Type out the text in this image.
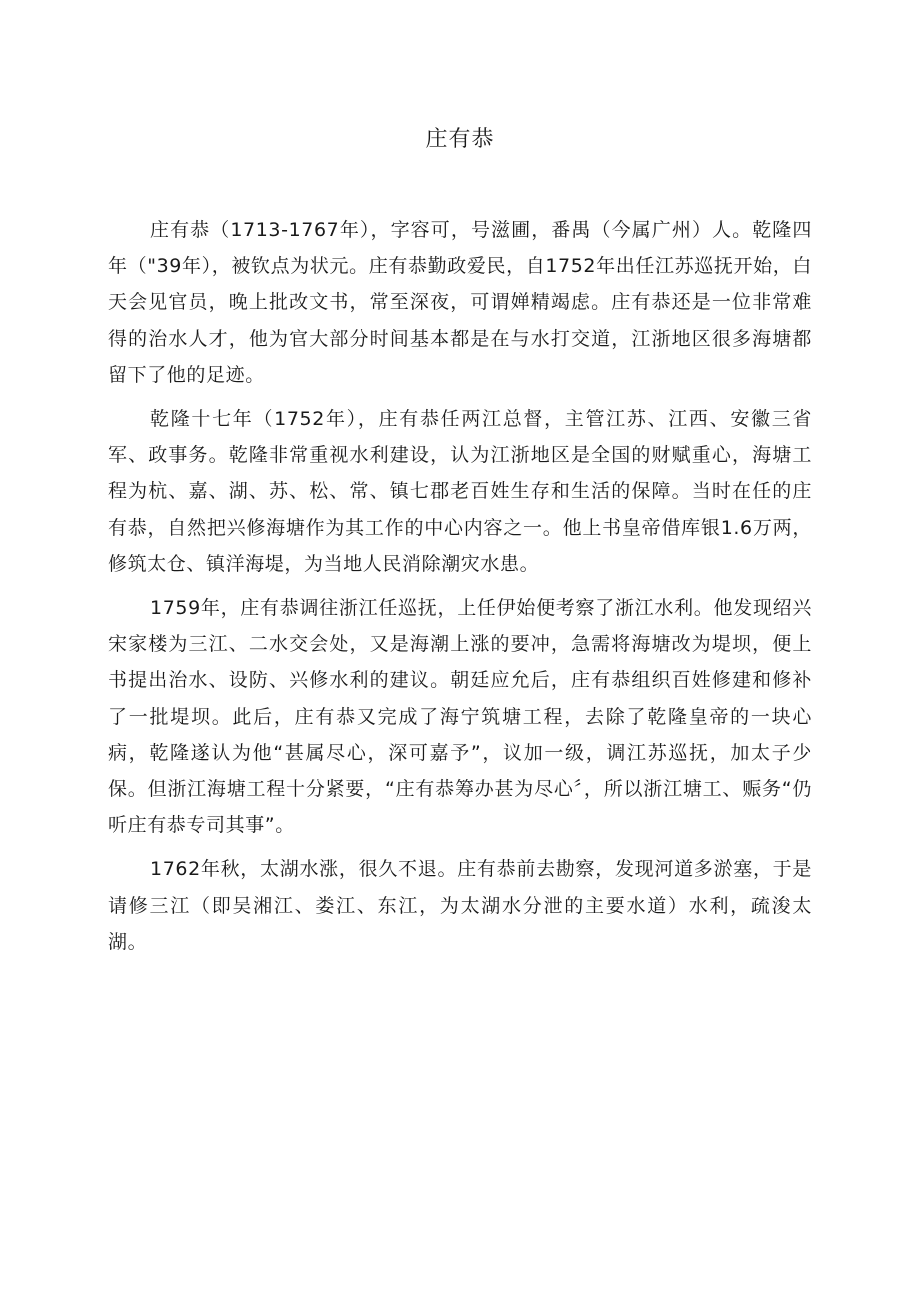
庄有恭

庄有恭（1713-1767年），字容可，号滋圃，番禺（今属广州）人。乾隆四年（"39年），被钦点为状元。庄有恭勤政爱民，自1752年出任江苏巡抚开始，白天会见官员，晚上批改文书，常至深夜，可谓婵精竭虑。庄有恭还是一位非常难得的治水人才，他为官大部分时间基本都是在与水打交道，江浙地区很多海塘都留下了他的足迹。

乾隆十七年（1752年），庄有恭任两江总督，主管江苏、江西、安徽三省军、政事务。乾隆非常重视水利建设，认为江浙地区是全国的财赋重心，海塘工程为杭、嘉、湖、苏、松、常、镇七郡老百姓生存和生活的保障。当时在任的庄有恭，自然把兴修海塘作为其工作的中心内容之一。他上书皇帝借库银1.6万两，修筑太仓、镇洋海堤，为当地人民消除潮灾水患。

1759年，庄有恭调往浙江任巡抚，上任伊始便考察了浙江水利。他发现绍兴宋家楼为三江、二水交会处，又是海潮上涨的要冲，急需将海塘改为堤坝，便上书提出治水、设防、兴修水利的建议。朝廷应允后，庄有恭组织百姓修建和修补了一批堤坝。此后，庄有恭又完成了海宁筑塘工程，去除了乾隆皇帝的一块心病，乾隆遂认为他“甚属尽心，深可嘉予”，议加一级，调江苏巡抚，加太子少保。但浙江海塘工程十分紧要，“庄有恭筹办甚为尽心〞，所以浙江塘工、赈务“仍听庄有恭专司其事”。

1762年秋，太湖水涨，很久不退。庄有恭前去勘察，发现河道多淤塞，于是请修三江（即吴湘江、娄江、东江，为太湖水分泄的主要水道）水利，疏浚太湖。
